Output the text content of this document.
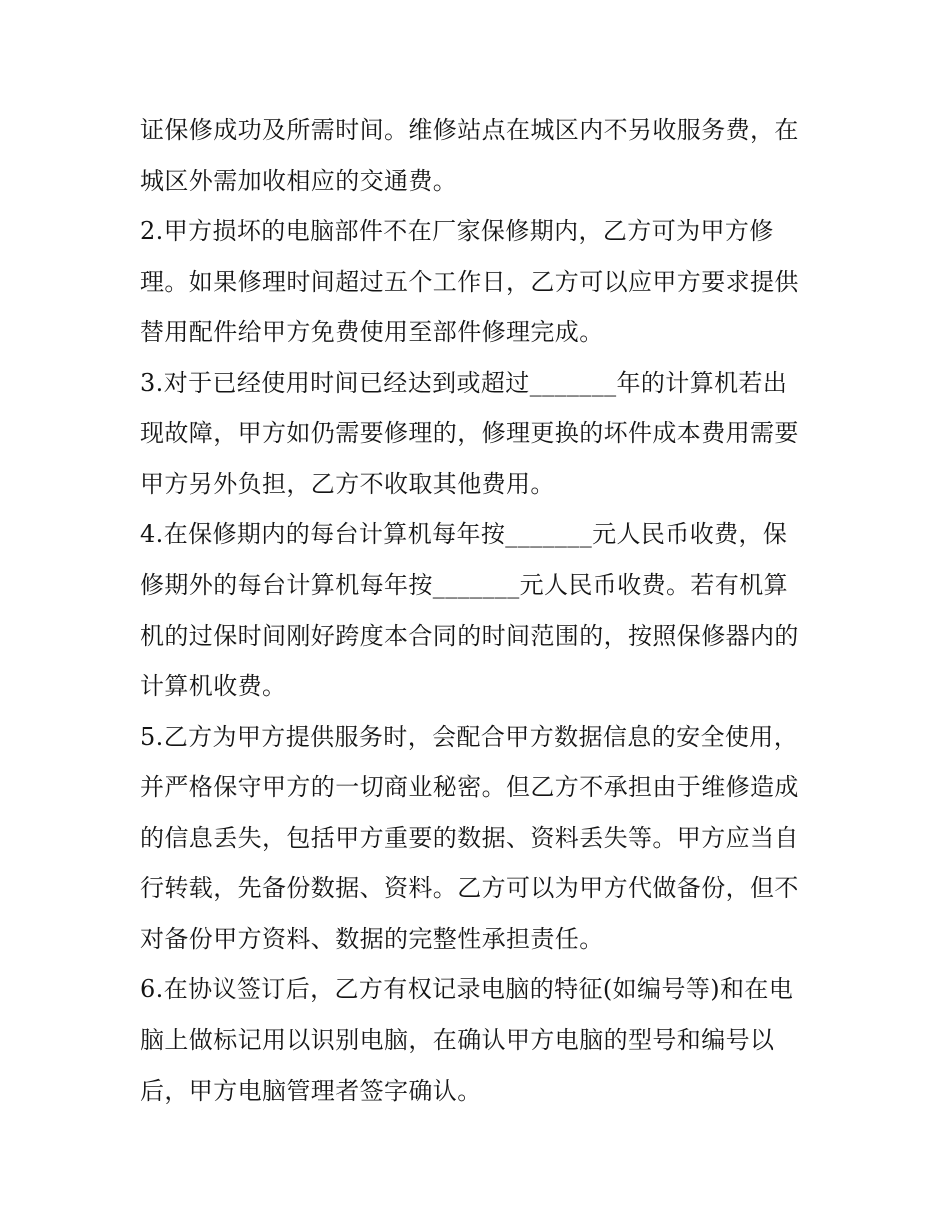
证保修成功及所需时间。维修站点在城区内不另收服务费，在
城区外需加收相应的交通费。
2.甲方损坏的电脑部件不在厂家保修期内，乙方可为甲方修
理。如果修理时间超过五个工作日，乙方可以应甲方要求提供
替用配件给甲方免费使用至部件修理完成。
3.对于已经使用时间已经达到或超过_______年的计算机若出
现故障，甲方如仍需要修理的，修理更换的坏件成本费用需要
甲方另外负担，乙方不收取其他费用。
4.在保修期内的每台计算机每年按_______元人民币收费，保
修期外的每台计算机每年按_______元人民币收费。若有机算
机的过保时间刚好跨度本合同的时间范围的，按照保修器内的
计算机收费。
5.乙方为甲方提供服务时，会配合甲方数据信息的安全使用，
并严格保守甲方的一切商业秘密。但乙方不承担由于维修造成
的信息丢失，包括甲方重要的数据、资料丢失等。甲方应当自
行转载，先备份数据、资料。乙方可以为甲方代做备份，但不
对备份甲方资料、数据的完整性承担责任。
6.在协议签订后，乙方有权记录电脑的特征(如编号等)和在电
脑上做标记用以识别电脑，在确认甲方电脑的型号和编号以
后，甲方电脑管理者签字确认。
